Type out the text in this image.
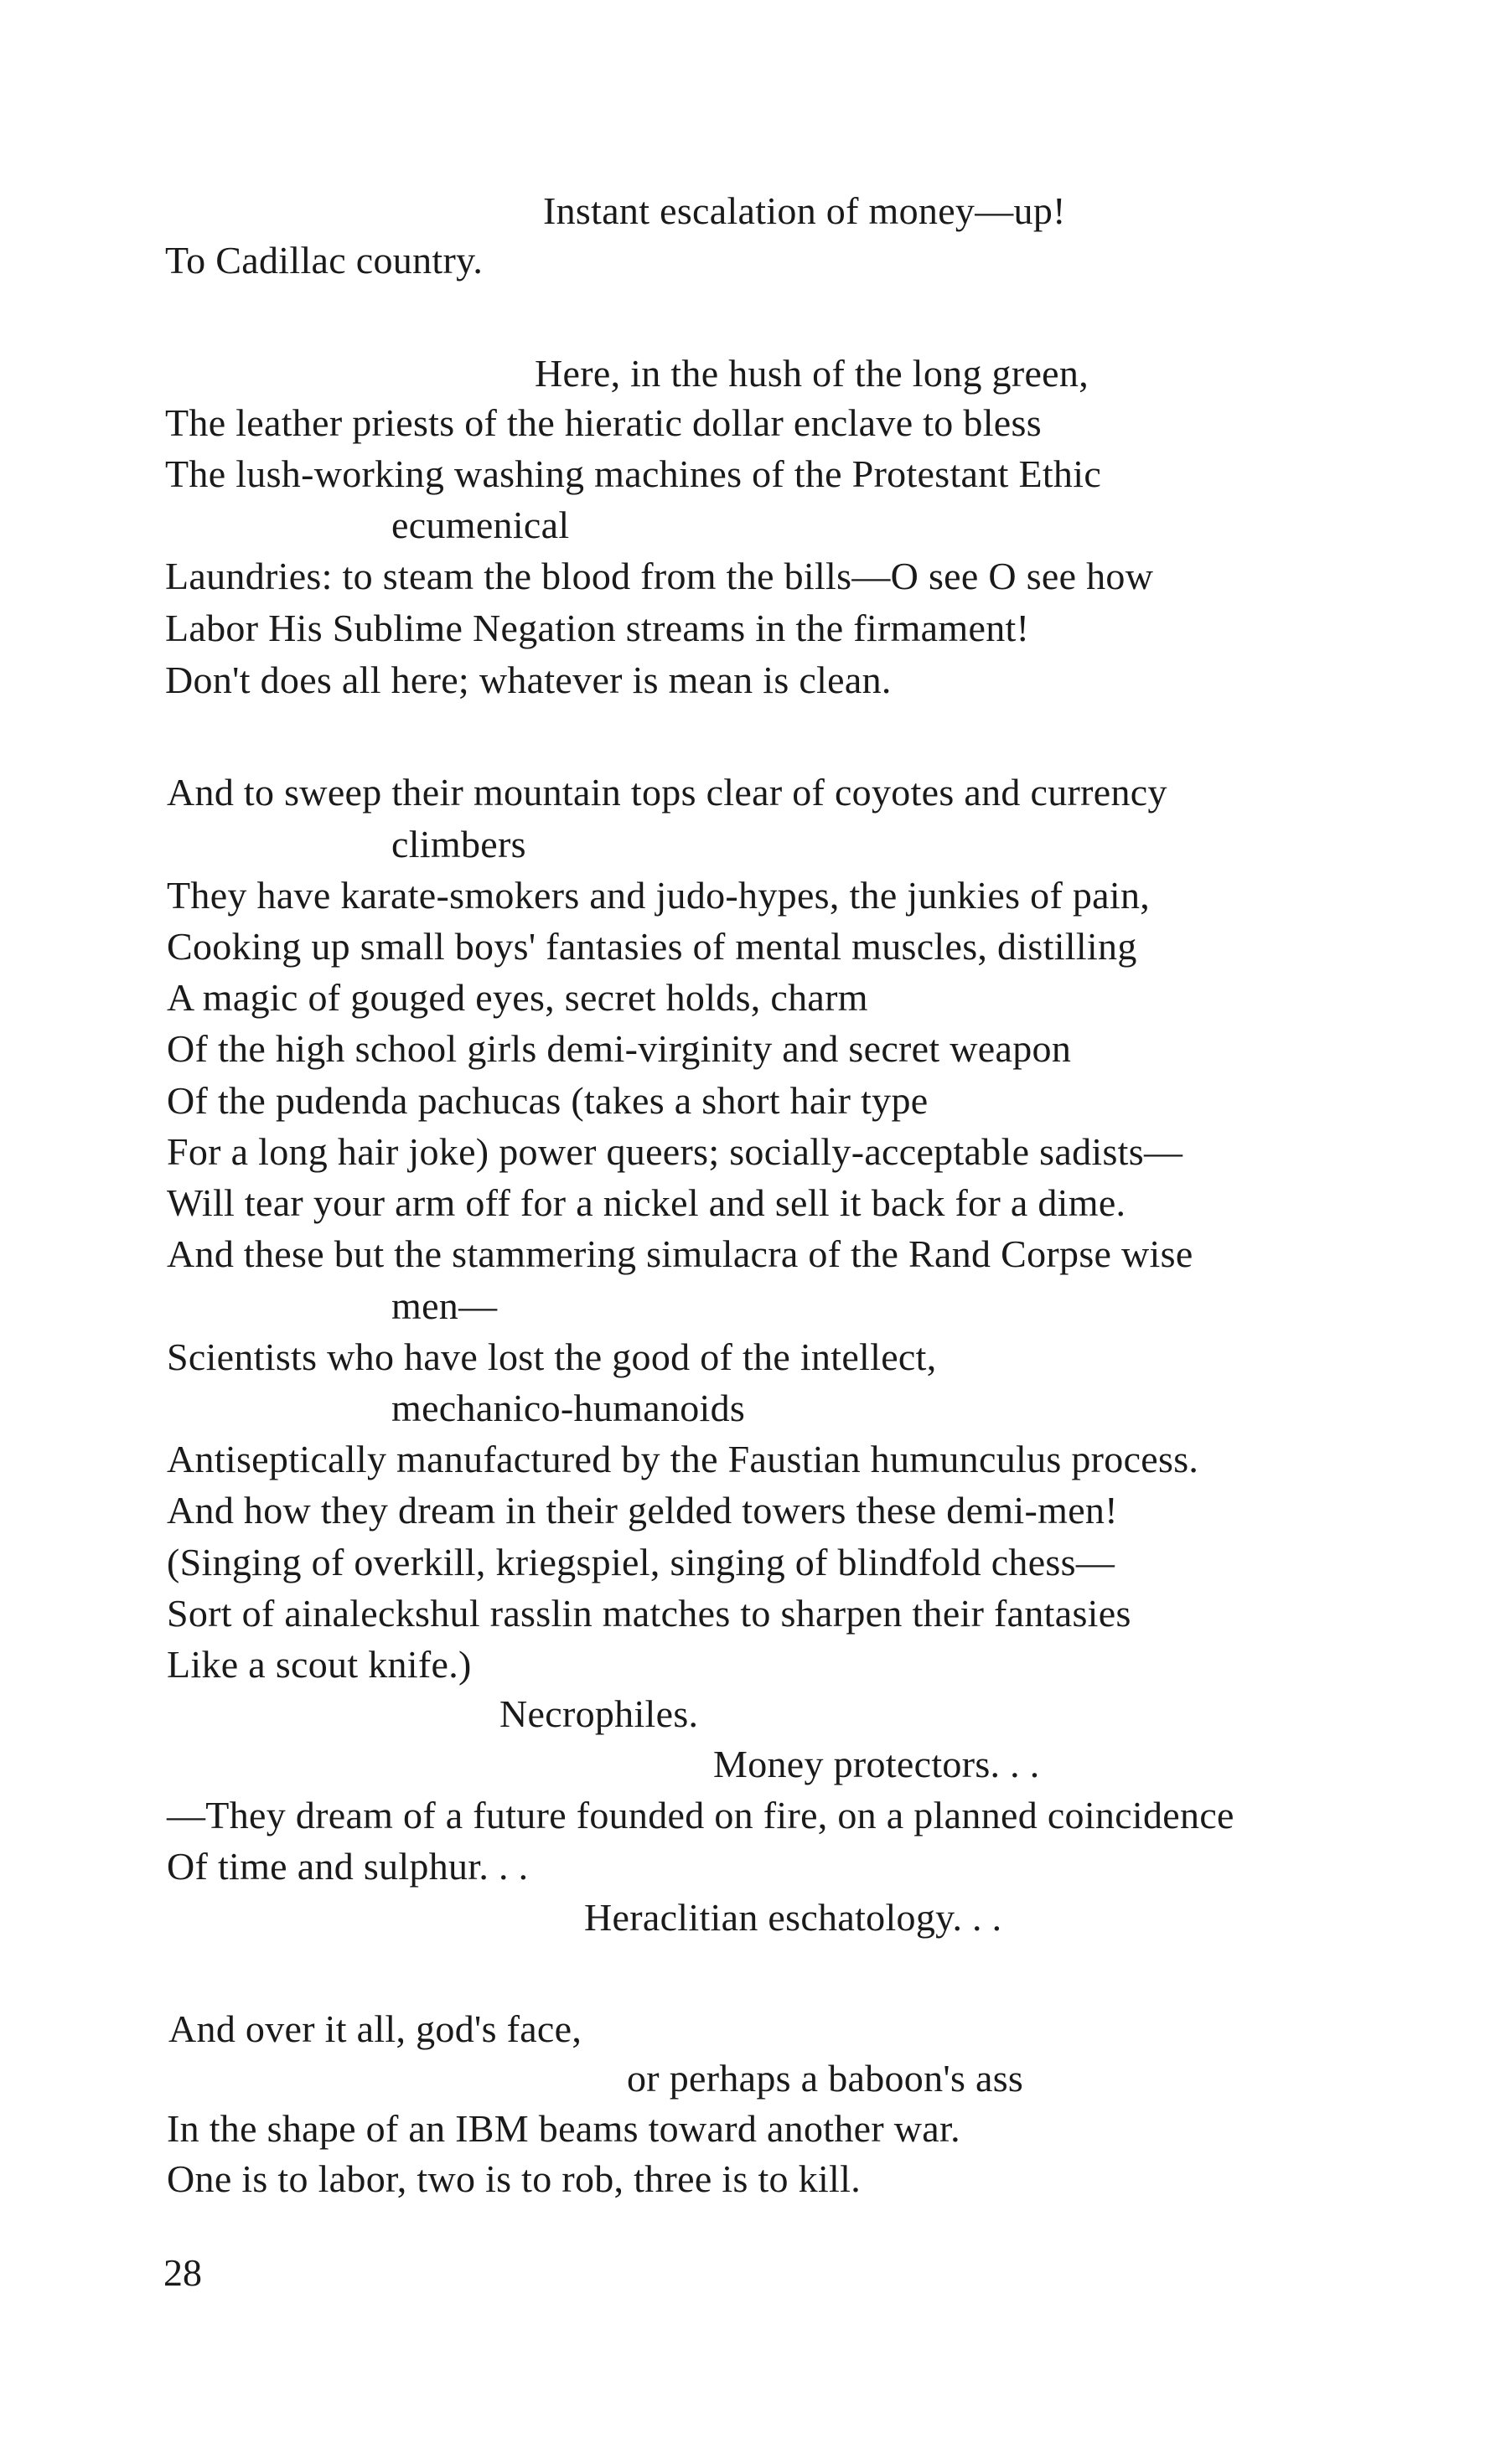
Instant escalation of money—up!
To Cadillac country.
Here, in the hush of the long green,
The leather priests of the hieratic dollar enclave to bless
The lush-working washing machines of the Protestant Ethic
ecumenical
Laundries: to steam the blood from the bills—O see O see how
Labor His Sublime Negation streams in the firmament!
Don't does all here; whatever is mean is clean.
And to sweep their mountain tops clear of coyotes and currency
climbers
They have karate-smokers and judo-hypes, the junkies of pain,
Cooking up small boys' fantasies of mental muscles, distilling
A magic of gouged eyes, secret holds, charm
Of the high school girls demi-virginity and secret weapon
Of the pudenda pachucas (takes a short hair type
For a long hair joke) power queers; socially-acceptable sadists—
Will tear your arm off for a nickel and sell it back for a dime.
And these but the stammering simulacra of the Rand Corpse wise
men—
Scientists who have lost the good of the intellect,
mechanico-humanoids
Antiseptically manufactured by the Faustian humunculus process.
And how they dream in their gelded towers these demi-men!
(Singing of overkill, kriegspiel, singing of blindfold chess—
Sort of ainaleckshul rasslin matches to sharpen their fantasies
Like a scout knife.)
Necrophiles.
Money protectors. . .
—They dream of a future founded on fire, on a planned coincidence
Of time and sulphur. . .
Heraclitian eschatology. . .
And over it all, god's face,
or perhaps a baboon's ass
In the shape of an IBM beams toward another war.
One is to labor, two is to rob, three is to kill.
28
